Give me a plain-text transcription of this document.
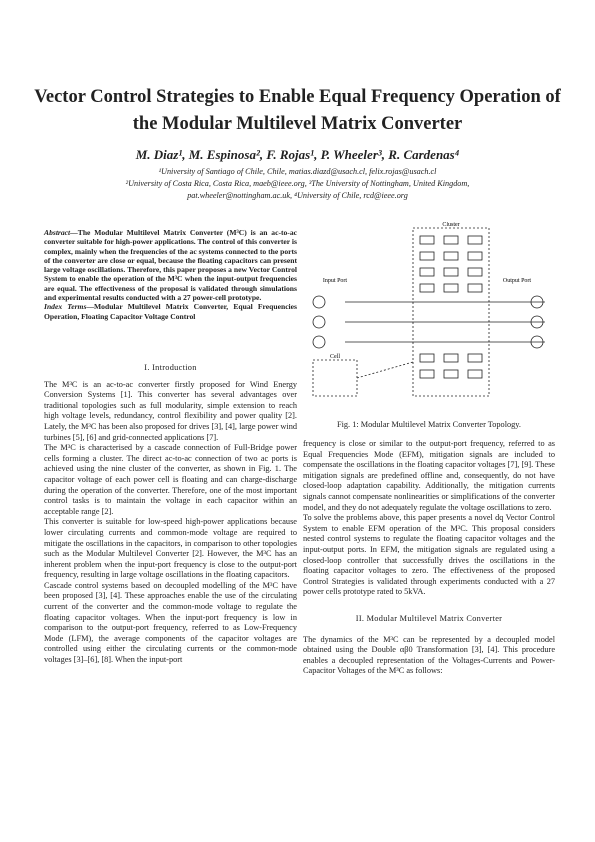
Vector Control Strategies to Enable Equal Frequency Operation of
the Modular Multilevel Matrix Converter
M. Diaz¹, M. Espinosa², F. Rojas¹, P. Wheeler³, R. Cardenas⁴
¹University of Santiago of Chile, Chile, matias.diazd@usach.cl, felix.rojas@usach.cl
²University of Costa Rica, Costa Rica, maeb@ieee.org, ³The University of Nottingham, United Kingdom,
pat.wheeler@nottingham.ac.uk, ⁴University of Chile, rcd@ieee.org

Abstract—The Modular Multilevel Matrix Converter (M³C) is an ac-to-ac converter suitable for high-power applications. The control of this converter is complex, mainly when the frequencies of the ac systems connected to the ports of the converter are close or equal, because the floating capacitors can present large voltage oscillations. Therefore, this paper proposes a new Vector Control System to enable the operation of the M³C when the input-output frequencies are equal. The effectiveness of the proposal is validated through simulations and experimental results conducted with a 27 power-cell prototype.

Index Terms—Modular Multilevel Matrix Converter, Equal Frequencies Operation, Floating Capacitor Voltage Control

I. Introduction

The M³C is an ac-to-ac converter firstly proposed for Wind Energy Conversion Systems [1]. This converter has several advantages over traditional topologies such as full modularity, simple extension to reach high voltage levels, redundancy, control flexibility and power quality [2]. Lately, the M³C has been also proposed for drives [3], [4], large power wind turbines [5], [6] and grid-connected applications [7].

The M³C is characterised by a cascade connection of Full-Bridge power cells forming a cluster. The direct ac-to-ac connection of two ac ports is achieved using the nine cluster of the converter, as shown in Fig. 1. The capacitor voltage of each power cell is floating and can charge-discharge during the operation of the converter. Therefore, one of the most important control tasks is to maintain the voltage in each capacitor within an acceptable range [2].

This converter is suitable for low-speed high-power applications because lower circulating currents and common-mode voltage are required to mitigate the oscillations in the capacitors, in comparison to other topologies such as the Modular Multilevel Converter [2]. However, the M³C has an inherent problem when the input-port frequency is close to the output-port frequency, resulting in large voltage oscillations in the floating capacitors.

Cascade control systems based on decoupled modelling of the M³C have been proposed [3], [4]. These approaches enable the use of the circulating current of the converter and the common-mode voltage to regulate the floating capacitor voltages. When the input-port frequency is low in comparison to the output-port frequency, referred to as Low-Frequency Mode (LFM), the average components of the capacitor voltages are controlled using either the circulating currents or the common-mode voltages [3]–[6], [8]. When the input-port

Cluster
Input Port	Output Port
Cell
Fig. 1: Modular Multilevel Matrix Converter Topology.

frequency is close or similar to the output-port frequency, referred to as Equal Frequencies Mode (EFM), mitigation signals are included to compensate the oscillations in the floating capacitor voltages [7], [9]. These mitigation signals are predefined offline and, consequently, do not have closed-loop adaptation capability. Additionally, the mitigation currents signals cannot compensate nonlinearities or simplifications of the converter model, and they do not adequately regulate the voltage oscillations to zero.

To solve the problems above, this paper presents a novel dq Vector Control System to enable EFM operation of the M³C. This proposal considers nested control systems to regulate the floating capacitor voltages and the input-output ports. In EFM, the mitigation signals are regulated using a closed-loop controller that successfully drives the oscillations in the floating capacitor voltages to zero. The effectiveness of the proposed Control Strategies is validated through experiments conducted with a 27 power cells prototype rated to 5kVA.

II. Modular Multilevel Matrix Converter

The dynamics of the M³C can be represented by a decoupled model obtained using the Double αβ0 Transformation [3], [4]. This procedure enables a decoupled representation of the Voltages-Currents and Power-Capacitor Voltages of the M³C as follows:
